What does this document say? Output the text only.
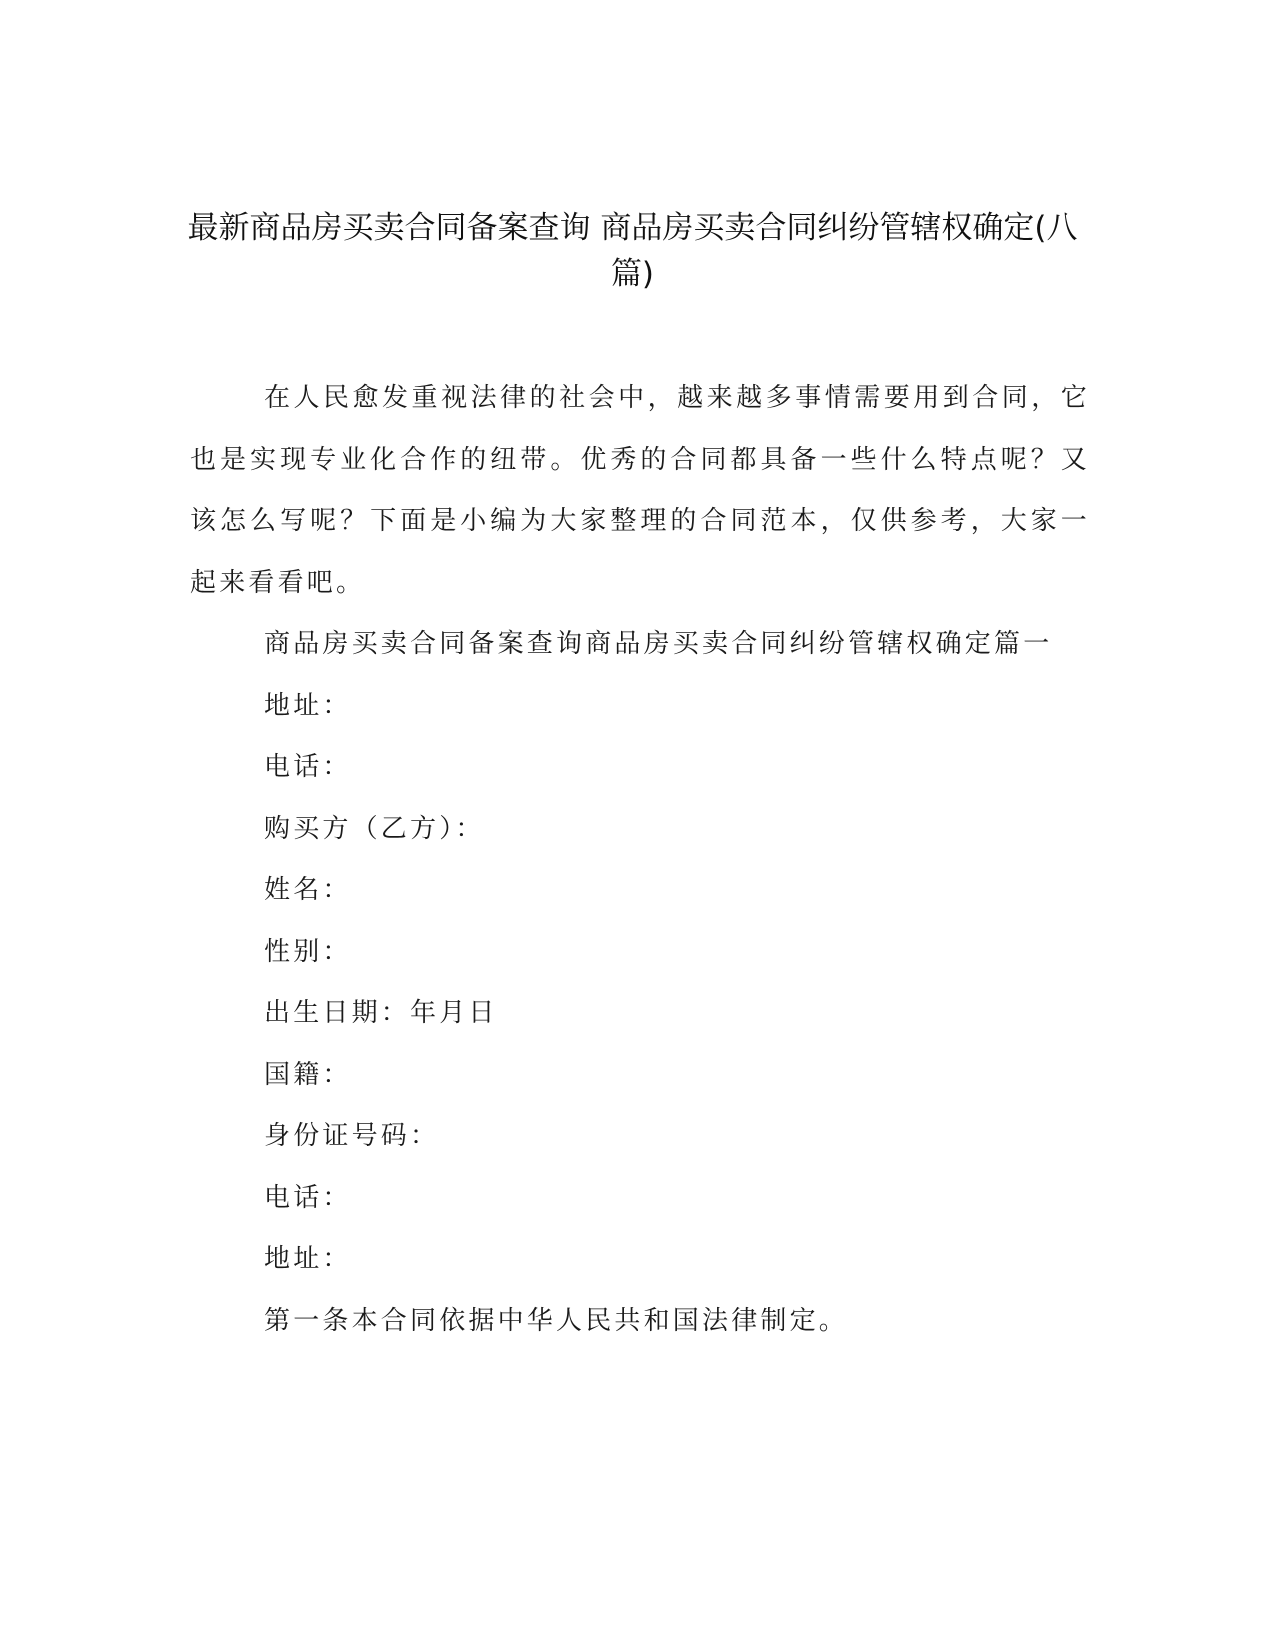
最新商品房买卖合同备案查询 商品房买卖合同纠纷管辖权确定(八篇)

在人民愈发重视法律的社会中，越来越多事情需要用到合同，它也是实现专业化合作的纽带。优秀的合同都具备一些什么特点呢？又该怎么写呢？下面是小编为大家整理的合同范本，仅供参考，大家一起来看看吧。

商品房买卖合同备案查询商品房买卖合同纠纷管辖权确定篇一

地址：

电话：

购买方（乙方）：

姓名：

性别：

出生日期：年月日

国籍：

身份证号码：

电话：

地址：

第一条本合同依据中华人民共和国法律制定。
